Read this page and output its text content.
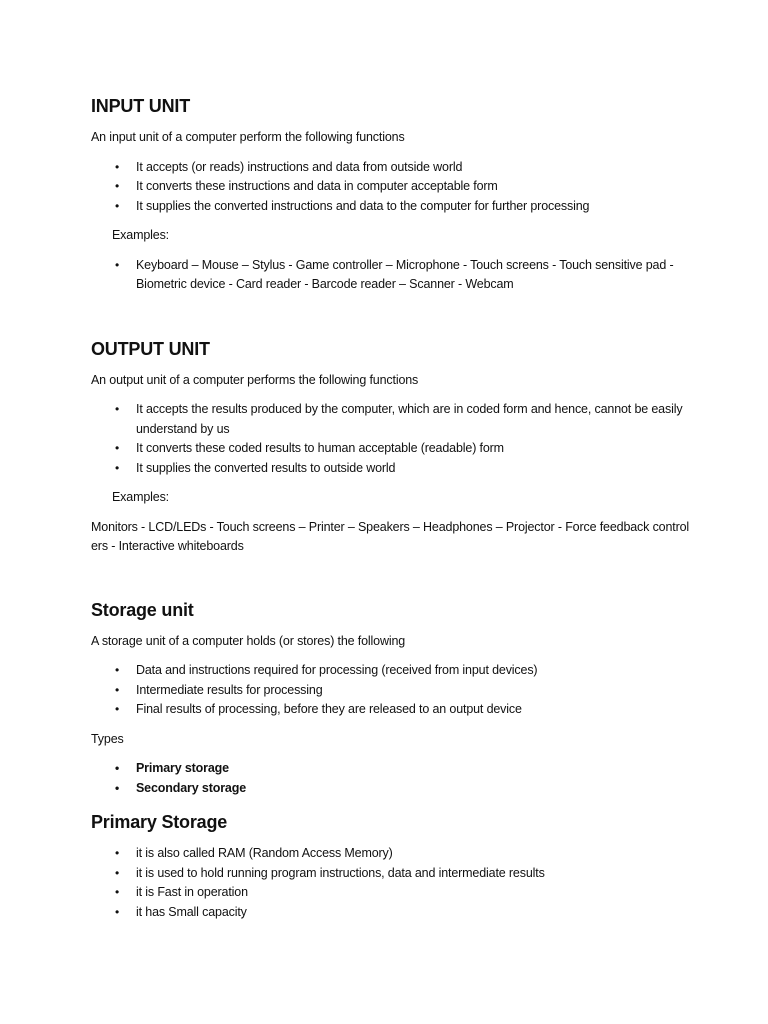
INPUT UNIT

An input unit of a computer perform the following functions

• It accepts (or reads) instructions and data from outside world
• It converts these instructions and data in computer acceptable form
• It supplies the converted instructions and data to the computer for further processing

Examples:

• Keyboard – Mouse – Stylus - Game controller – Microphone - Touch screens - Touch sensitive pad - Biometric device - Card reader - Barcode reader – Scanner - Webcam
OUTPUT UNIT

An output unit of a computer performs the following functions

• It accepts the results produced by the computer, which are in coded form and hence, cannot be easily understand by us
• It converts these coded results to human acceptable (readable) form
• It supplies the converted results to outside world

Examples:

Monitors - LCD/LEDs - Touch screens – Printer – Speakers – Headphones – Projector - Force feedback control ers - Interactive whiteboards

Storage unit

A storage unit of a computer holds (or stores) the following

• Data and instructions required for processing (received from input devices)
• Intermediate results for processing
• Final results of processing, before they are released to an output device

Types

• Primary storage
• Secondary storage
Primary Storage
• it is also called RAM (Random Access Memory)
• it is used to hold running program instructions, data and intermediate results
• it is Fast in operation
• it has Small capacity
